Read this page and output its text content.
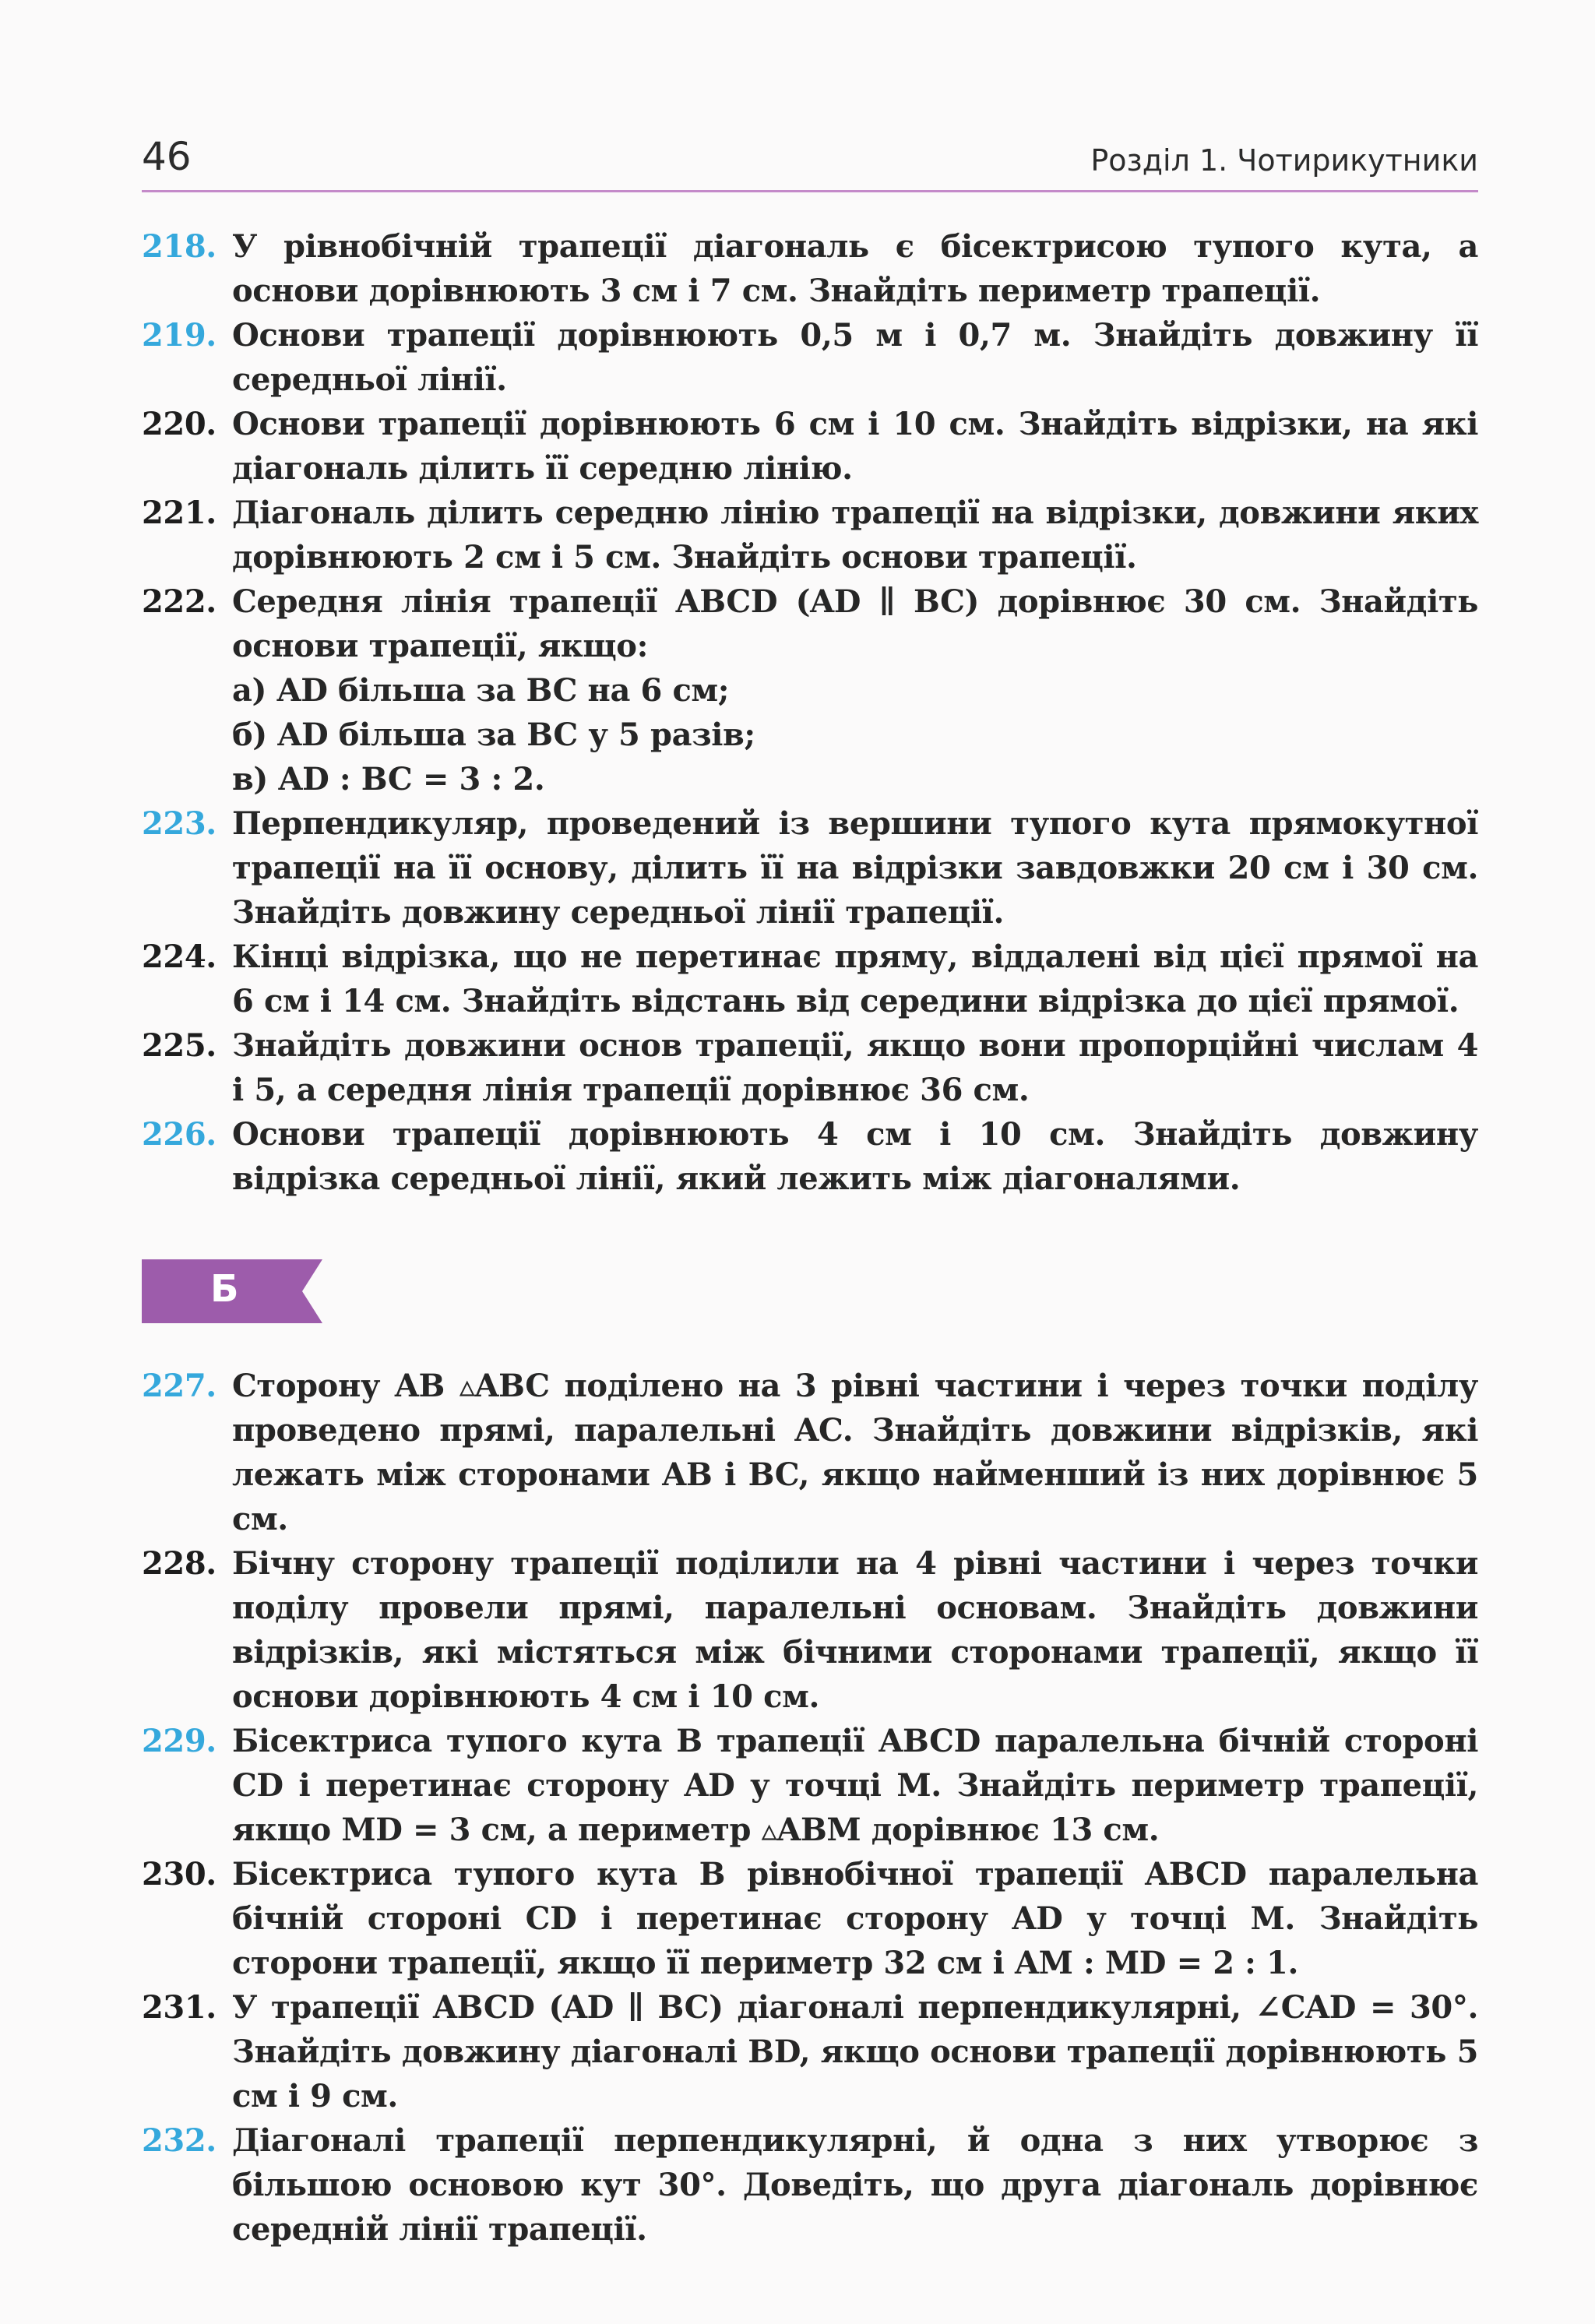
46	Розділ 1. Чотирикутники
218. У рівнобічній трапеції діагональ є бісектрисою тупого кута, а основи дорівнюють 3 см і 7 см. Знайдіть периметр трапеції.
219. Основи трапеції дорівнюють 0,5 м і 0,7 м. Знайдіть довжину її середньої лінії.
220. Основи трапеції дорівнюють 6 см і 10 см. Знайдіть відрізки, на які діагональ ділить її середню лінію.
221. Діагональ ділить середню лінію трапеції на відрізки, довжини яких дорівнюють 2 см і 5 см. Знайдіть основи трапеції.
222. Середня лінія трапеції ABCD (AD ∥ BC) дорівнює 30 см. Знайдіть основи трапеції, якщо:
а) AD більша за BC на 6 см;
б) AD більша за BC у 5 разів;
в) AD : BC = 3 : 2.
223. Перпендикуляр, проведений із вершини тупого кута прямокутної трапеції на її основу, ділить її на відрізки завдовжки 20 см і 30 см. Знайдіть довжину середньої лінії трапеції.
224. Кінці відрізка, що не перетинає пряму, віддалені від цієї прямої на 6 см і 14 см. Знайдіть відстань від середини відрізка до цієї прямої.
225. Знайдіть довжини основ трапеції, якщо вони пропорційні числам 4 і 5, а середня лінія трапеції дорівнює 36 см.
226. Основи трапеції дорівнюють 4 см і 10 см. Знайдіть довжину відрізка середньої лінії, який лежить між діагоналями.
Б
227. Сторону AB ▵ABC поділено на 3 рівні частини і через точки поділу проведено прямі, паралельні AC. Знайдіть довжини відрізків, які лежать між сторонами AB і BC, якщо найменший із них дорівнює 5 см.
228. Бічну сторону трапеції поділили на 4 рівні частини і через точки поділу провели прямі, паралельні основам. Знайдіть довжини відрізків, які містяться між бічними сторонами трапеції, якщо її основи дорівнюють 4 см і 10 см.
229. Бісектриса тупого кута B трапеції ABCD паралельна бічній стороні CD і перетинає сторону AD у точці M. Знайдіть периметр трапеції, якщо MD = 3 см, а периметр ▵ABM дорівнює 13 см.
230. Бісектриса тупого кута B рівнобічної трапеції ABCD паралельна бічній стороні CD і перетинає сторону AD у точці M. Знайдіть сторони трапеції, якщо її периметр 32 см і AM : MD = 2 : 1.
231. У трапеції ABCD (AD ∥ BC) діагоналі перпендикулярні, ∠CAD = 30°. Знайдіть довжину діагоналі BD, якщо основи трапеції дорівнюють 5 см і 9 см.
232. Діагоналі трапеції перпендикулярні, й одна з них утворює з більшою основою кут 30°. Доведіть, що друга діагональ дорівнює середній лінії трапеції.
